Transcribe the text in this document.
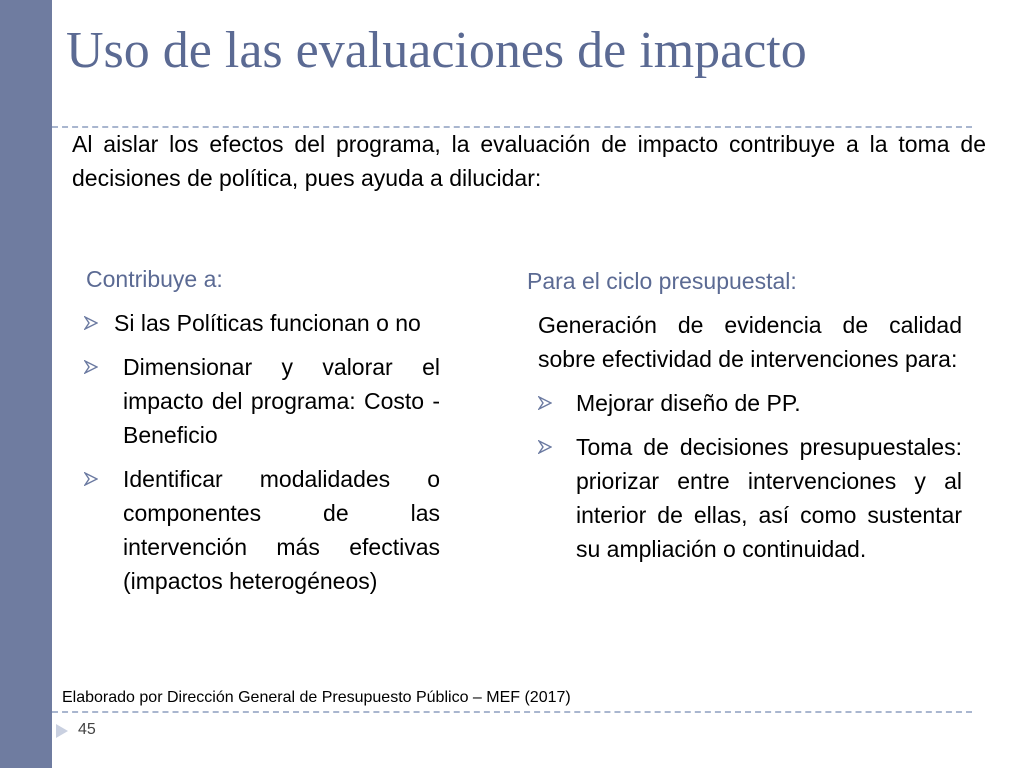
Uso de las evaluaciones de impacto
Al aislar los efectos del programa, la evaluación de impacto contribuye a la toma de decisiones de política, pues ayuda a dilucidar:
Contribuye a:
Si las Políticas funcionan o no
Dimensionar y valorar el impacto del programa: Costo - Beneficio
Identificar modalidades o componentes de las intervención más efectivas (impactos heterogéneos)
Para el ciclo presupuestal:
Generación de evidencia de calidad sobre efectividad de intervenciones para:
Mejorar diseño de PP.
Toma de decisiones presupuestales: priorizar entre intervenciones y al interior de ellas, así como sustentar su ampliación o continuidad.
Elaborado por Dirección General de Presupuesto Público – MEF (2017)
45
